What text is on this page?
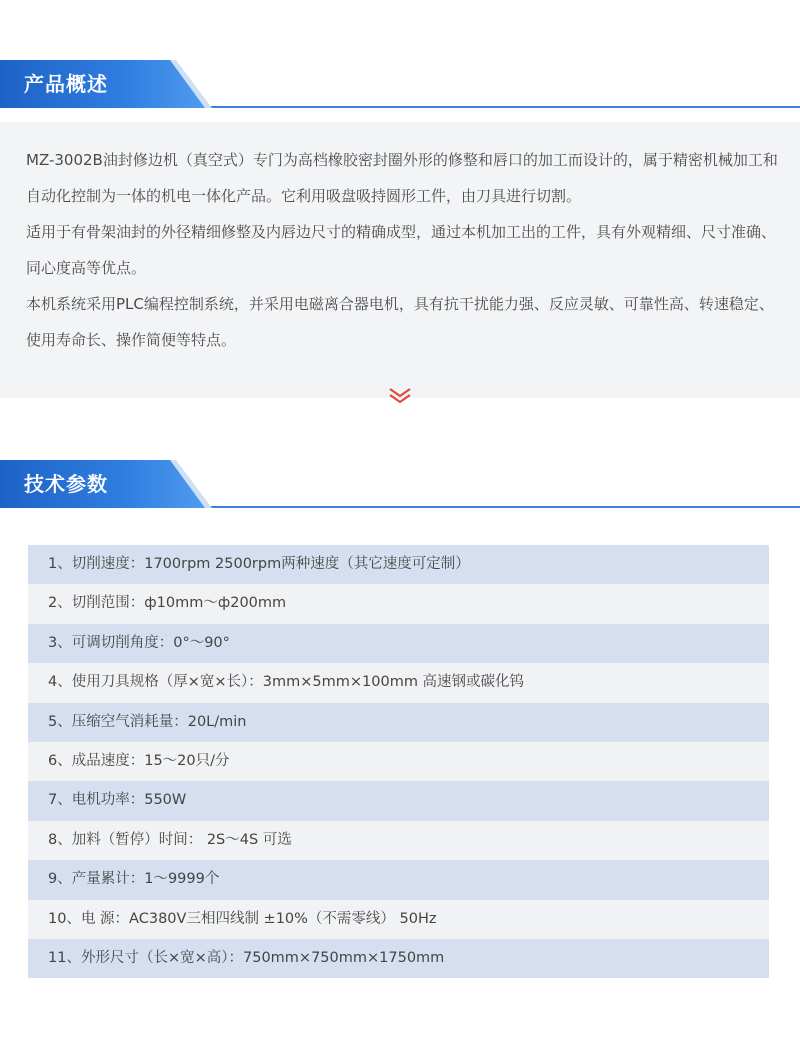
产品概述

MZ-3002B油封修边机（真空式）专门为高档橡胶密封圈外形的修整和唇口的加工而设计的，属于精密机械加工和自动化控制为一体的机电一体化产品。它利用吸盘吸持圆形工件，由刀具进行切割。

适用于有骨架油封的外径精细修整及内唇边尺寸的精确成型，通过本机加工出的工件，具有外观精细、尺寸准确、同心度高等优点。

本机系统采用PLC编程控制系统，并采用电磁离合器电机，具有抗干扰能力强、反应灵敏、可靠性高、转速稳定、使用寿命长、操作简便等特点。

技术参数
1、切削速度：1700rpm 2500rpm两种速度（其它速度可定制）
2、切削范围：ф10mm～ф200mm
3、可调切削角度：0°～90°
4、使用刀具规格（厚×宽×长）：3mm×5mm×100mm 高速钢或碳化钨
5、压缩空气消耗量：20L/min
6、成品速度：15～20只/分
7、电机功率：550W
8、加料（暂停）时间： 2S～4S 可选
9、产量累计：1～9999个
10、电 源：AC380V三相四线制 ±10%（不需零线） 50Hz
11、外形尺寸（长×宽×高）：750mm×750mm×1750mm
